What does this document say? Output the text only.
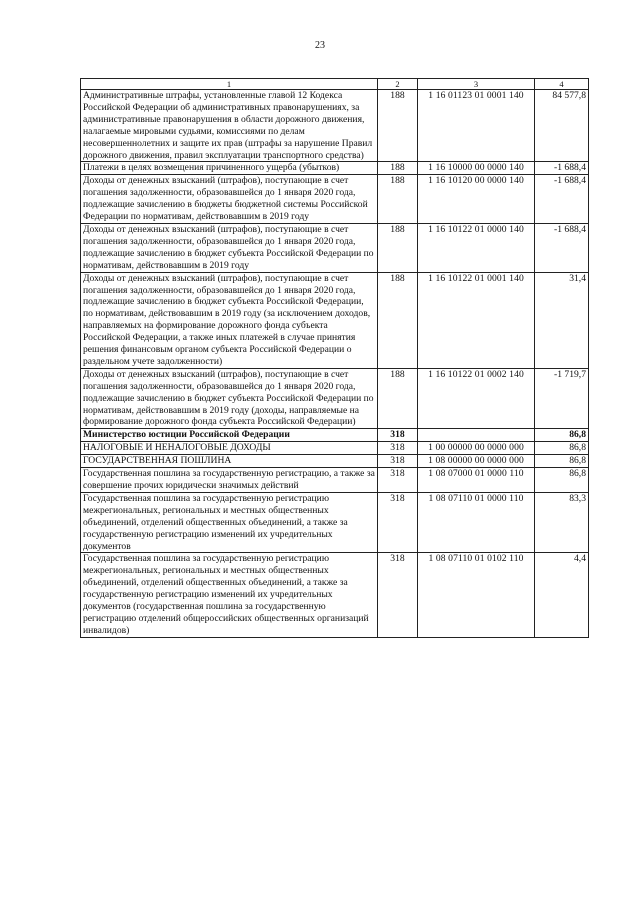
23
1	2	3	4
Административные штрафы, установленные главой 12 Кодекса Российской Федерации об административных правонарушениях, за административные правонарушения в области дорожного движения, налагаемые мировыми судьями, комиссиями по делам несовершеннолетних и защите их прав (штрафы за нарушение Правил дорожного движения, правил эксплуатации транспортного средства)	188	1 16 01123 01 0001 140	84 577,8
Платежи в целях возмещения причиненного ущерба (убытков)	188	1 16 10000 00 0000 140	-1 688,4
Доходы от денежных взысканий (штрафов), поступающие в счет погашения задолженности, образовавшейся до 1 января 2020 года, подлежащие зачислению в бюджеты бюджетной системы Российской Федерации по нормативам, действовавшим в 2019 году	188	1 16 10120 00 0000 140	-1 688,4
Доходы от денежных взысканий (штрафов), поступающие в счет погашения задолженности, образовавшейся до 1 января 2020 года, подлежащие зачислению в бюджет субъекта Российской Федерации по нормативам, действовавшим в 2019 году	188	1 16 10122 01 0000 140	-1 688,4
Доходы от денежных взысканий (штрафов), поступающие в счет погашения задолженности, образовавшейся до 1 января 2020 года, подлежащие зачислению в бюджет субъекта Российской Федерации, по нормативам, действовавшим в 2019 году (за исключением доходов, направляемых на формирование дорожного фонда субъекта Российской Федерации, а также иных платежей в случае принятия решения финансовым органом субъекта Российской Федерации о раздельном учете задолженности)	188	1 16 10122 01 0001 140	31,4
Доходы от денежных взысканий (штрафов), поступающие в счет погашения задолженности, образовавшейся до 1 января 2020 года, подлежащие зачислению в бюджет субъекта Российской Федерации по нормативам, действовавшим в 2019 году (доходы, направляемые на формирование дорожного фонда субъекта Российской Федерации)	188	1 16 10122 01 0002 140	-1 719,7
Министерство юстиции Российской Федерации	318		86,8
НАЛОГОВЫЕ И НЕНАЛОГОВЫЕ ДОХОДЫ	318	1 00 00000 00 0000 000	86,8
ГОСУДАРСТВЕННАЯ ПОШЛИНА	318	1 08 00000 00 0000 000	86,8
Государственная пошлина за государственную регистрацию, а также за совершение прочих юридически значимых действий	318	1 08 07000 01 0000 110	86,8
Государственная пошлина за государственную регистрацию межрегиональных, региональных и местных общественных объединений, отделений общественных объединений, а также за государственную регистрацию изменений их учредительных документов	318	1 08 07110 01 0000 110	83,3
Государственная пошлина за государственную регистрацию межрегиональных, региональных и местных общественных объединений, отделений общественных объединений, а также за государственную регистрацию изменений их учредительных документов (государственная пошлина за государственную регистрацию отделений общероссийских общественных организаций инвалидов)	318	1 08 07110 01 0102 110	4,4
